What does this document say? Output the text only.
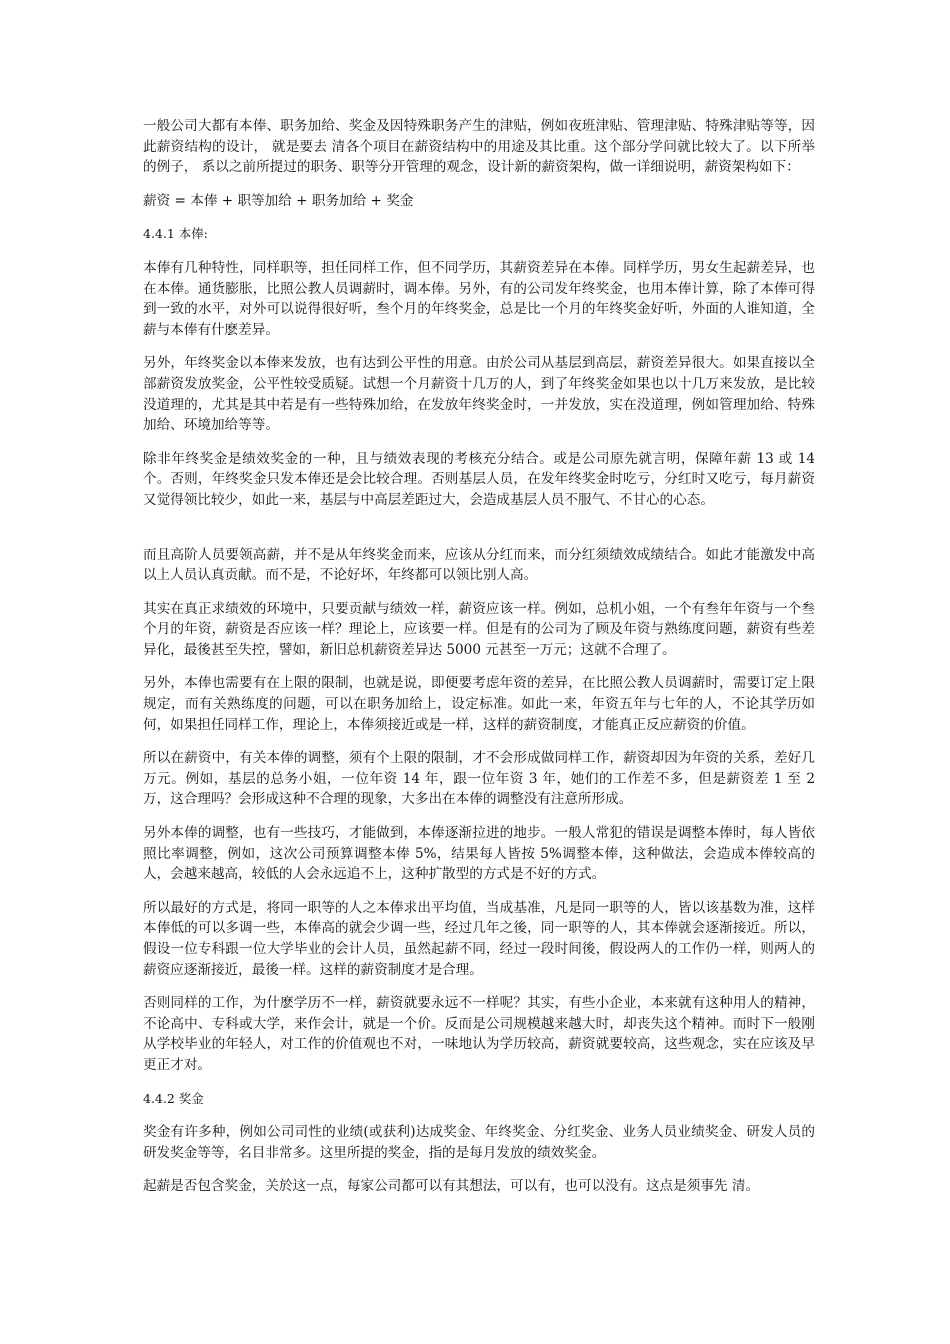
一般公司大都有本俸、职务加给、奖金及因特殊职务产生的津贴，例如夜班津贴、管理津贴、特殊津贴等等，因此薪资结构的设计， 就是要去 清各个项目在薪资结构中的用途及其比重。这个部分学问就比较大了。以下所举的例子， 系以之前所提过的职务、职等分开管理的观念，设计新的薪资架构，做一详细说明，薪资架构如下：

薪资 = 本俸 + 职等加给 + 职务加给 + 奖金

4.4.1 本俸:

本俸有几种特性，同样职等，担任同样工作，但不同学历，其薪资差异在本俸。同样学历，男女生起薪差异，也在本俸。通货膨胀，比照公教人员调薪时，调本俸。另外，有的公司发年终奖金，也用本俸计算，除了本俸可得到一致的水平，对外可以说得很好听，叁个月的年终奖金，总是比一个月的年终奖金好听，外面的人谁知道，全薪与本俸有什麽差异。

另外，年终奖金以本俸来发放，也有达到公平性的用意。由於公司从基层到高层，薪资差异很大。如果直接以全部薪资发放奖金，公平性较受质疑。试想一个月薪资十几万的人，到了年终奖金如果也以十几万来发放，是比较没道理的，尤其是其中若是有一些特殊加给，在发放年终奖金时，一并发放，实在没道理，例如管理加给、特殊加给、环境加给等等。

除非年终奖金是绩效奖金的一种，且与绩效表现的考核充分结合。或是公司原先就言明，保障年薪 13 或 14 个。否则，年终奖金只发本俸还是会比较合理。否则基层人员，在发年终奖金时吃亏，分红时又吃亏，每月薪资又觉得领比较少，如此一来，基层与中高层差距过大，会造成基层人员不服气、不甘心的心态。

而且高阶人员要领高薪，并不是从年终奖金而来，应该从分红而来，而分红须绩效成绩结合。如此才能激发中高以上人员认真贡献。而不是，不论好坏，年终都可以领比别人高。

其实在真正求绩效的环境中，只要贡献与绩效一样，薪资应该一样。例如，总机小姐，一个有叁年年资与一个叁个月的年资，薪资是否应该一样？理论上，应该要一样。但是有的公司为了顾及年资与熟练度问题，薪资有些差异化，最後甚至失控，譬如，新旧总机薪资差异达 5000 元甚至一万元；这就不合理了。

另外，本俸也需要有在上限的限制，也就是说，即便要考虑年资的差异，在比照公教人员调薪时，需要订定上限规定，而有关熟练度的问题，可以在职务加给上，设定标准。如此一来，年资五年与七年的人，不论其学历如何，如果担任同样工作，理论上，本俸须接近或是一样，这样的薪资制度，才能真正反应薪资的价值。

所以在薪资中，有关本俸的调整，须有个上限的限制，才不会形成做同样工作，薪资却因为年资的关系，差好几万元。例如，基层的总务小姐，一位年资 14 年，跟一位年资 3 年，她们的工作差不多，但是薪资差 1 至 2 万，这合理吗？会形成这种不合理的现象，大多出在本俸的调整没有注意所形成。

另外本俸的调整，也有一些技巧，才能做到，本俸逐渐拉进的地步。一般人常犯的错误是调整本俸时，每人皆依照比率调整，例如，这次公司预算调整本俸 5%，结果每人皆按 5%调整本俸，这种做法，会造成本俸较高的人，会越来越高，较低的人会永远追不上，这种扩散型的方式是不好的方式。

所以最好的方式是，将同一职等的人之本俸求出平均值，当成基准，凡是同一职等的人，皆以该基数为准，这样本俸低的可以多调一些，本俸高的就会少调一些，经过几年之後，同一职等的人，其本俸就会逐渐接近。所以，假设一位专科跟一位大学毕业的会计人员，虽然起薪不同，经过一段时间後，假设两人的工作仍一样，则两人的薪资应逐渐接近，最後一样。这样的薪资制度才是合理。

否则同样的工作，为什麽学历不一样，薪资就要永远不一样呢？其实，有些小企业，本来就有这种用人的精神，不论高中、专科或大学，来作会计，就是一个价。反而是公司规模越来越大时，却丧失这个精神。而时下一般刚从学校毕业的年轻人，对工作的价值观也不对，一味地认为学历较高，薪资就要较高，这些观念，实在应该及早更正才对。

4.4.2 奖金

奖金有许多种，例如公司司性的业绩(或获利)达成奖金、年终奖金、分红奖金、业务人员业绩奖金、研发人员的研发奖金等等，名目非常多。这里所提的奖金，指的是每月发放的绩效奖金。

起薪是否包含奖金，关於这一点，每家公司都可以有其想法，可以有，也可以没有。这点是须事先 清。
